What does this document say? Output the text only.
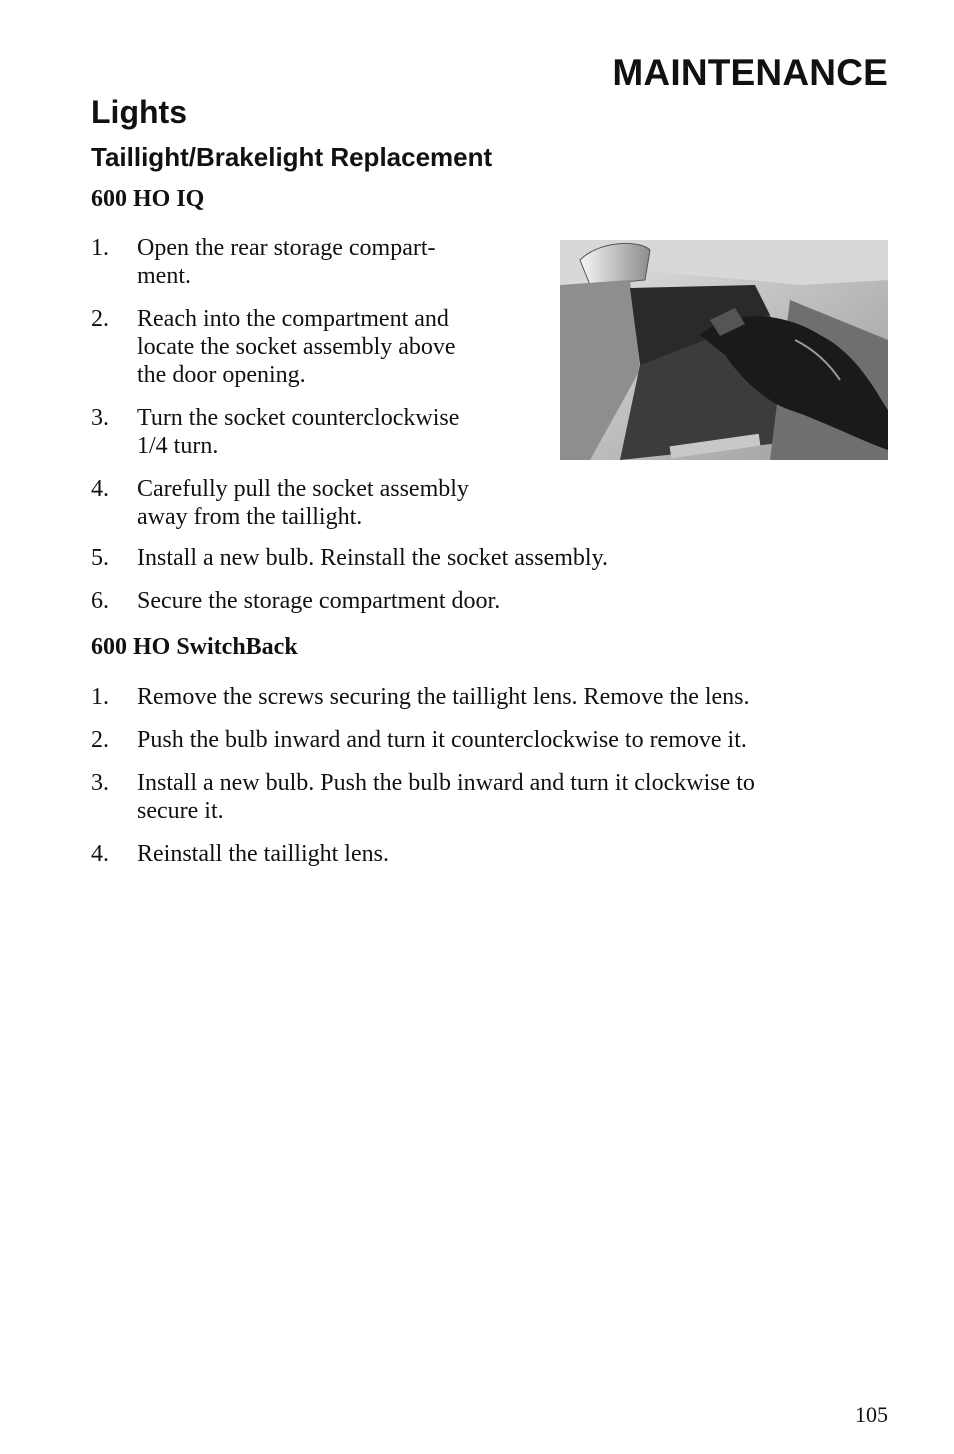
MAINTENANCE
Lights
Taillight/Brakelight Replacement
600 HO IQ
1. Open the rear storage compart-
ment.
2. Reach into the compartment and
locate the socket assembly above
the door opening.
3. Turn the socket counterclockwise
1/4 turn.
4. Carefully pull the socket assembly
away from the taillight.
5. Install a new bulb. Reinstall the socket assembly.
6. Secure the storage compartment door.
600 HO SwitchBack
1. Remove the screws securing the taillight lens. Remove the lens.
2. Push the bulb inward and turn it counterclockwise to remove it.
3. Install a new bulb. Push the bulb inward and turn it clockwise to
secure it.
4. Reinstall the taillight lens.

105
